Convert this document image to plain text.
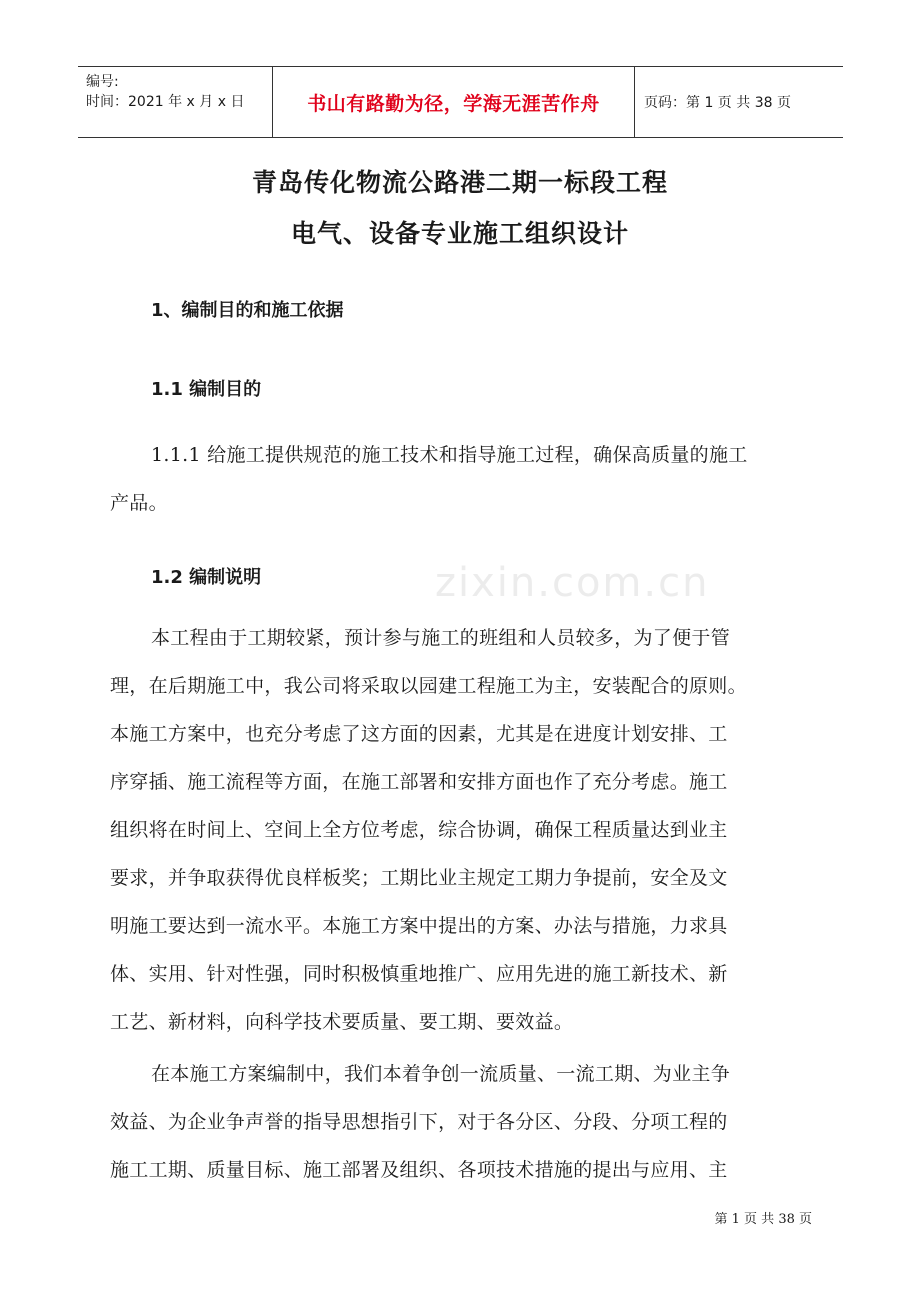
编号:
时间：2021 年 x 月 x 日	书山有路勤为径，学海无涯苦作舟	页码：第 1 页 共 38 页
青岛传化物流公路港二期一标段工程
电气、设备专业施工组织设计
1、编制目的和施工依据
1.1 编制目的
1.1.1 给施工提供规范的施工技术和指导施工过程，确保高质量的施工
产品。
1.2 编制说明	zixin.com.cn
本工程由于工期较紧，预计参与施工的班组和人员较多，为了便于管
理，在后期施工中，我公司将采取以园建工程施工为主，安装配合的原则。
本施工方案中，也充分考虑了这方面的因素，尤其是在进度计划安排、工
序穿插、施工流程等方面，在施工部署和安排方面也作了充分考虑。施工
组织将在时间上、空间上全方位考虑，综合协调，确保工程质量达到业主
要求，并争取获得优良样板奖；工期比业主规定工期力争提前，安全及文
明施工要达到一流水平。本施工方案中提出的方案、办法与措施，力求具
体、实用、针对性强，同时积极慎重地推广、应用先进的施工新技术、新
工艺、新材料，向科学技术要质量、要工期、要效益。
在本施工方案编制中，我们本着争创一流质量、一流工期、为业主争
效益、为企业争声誉的指导思想指引下，对于各分区、分段、分项工程的
施工工期、质量目标、施工部署及组织、各项技术措施的提出与应用、主
第 1 页 共 38 页
